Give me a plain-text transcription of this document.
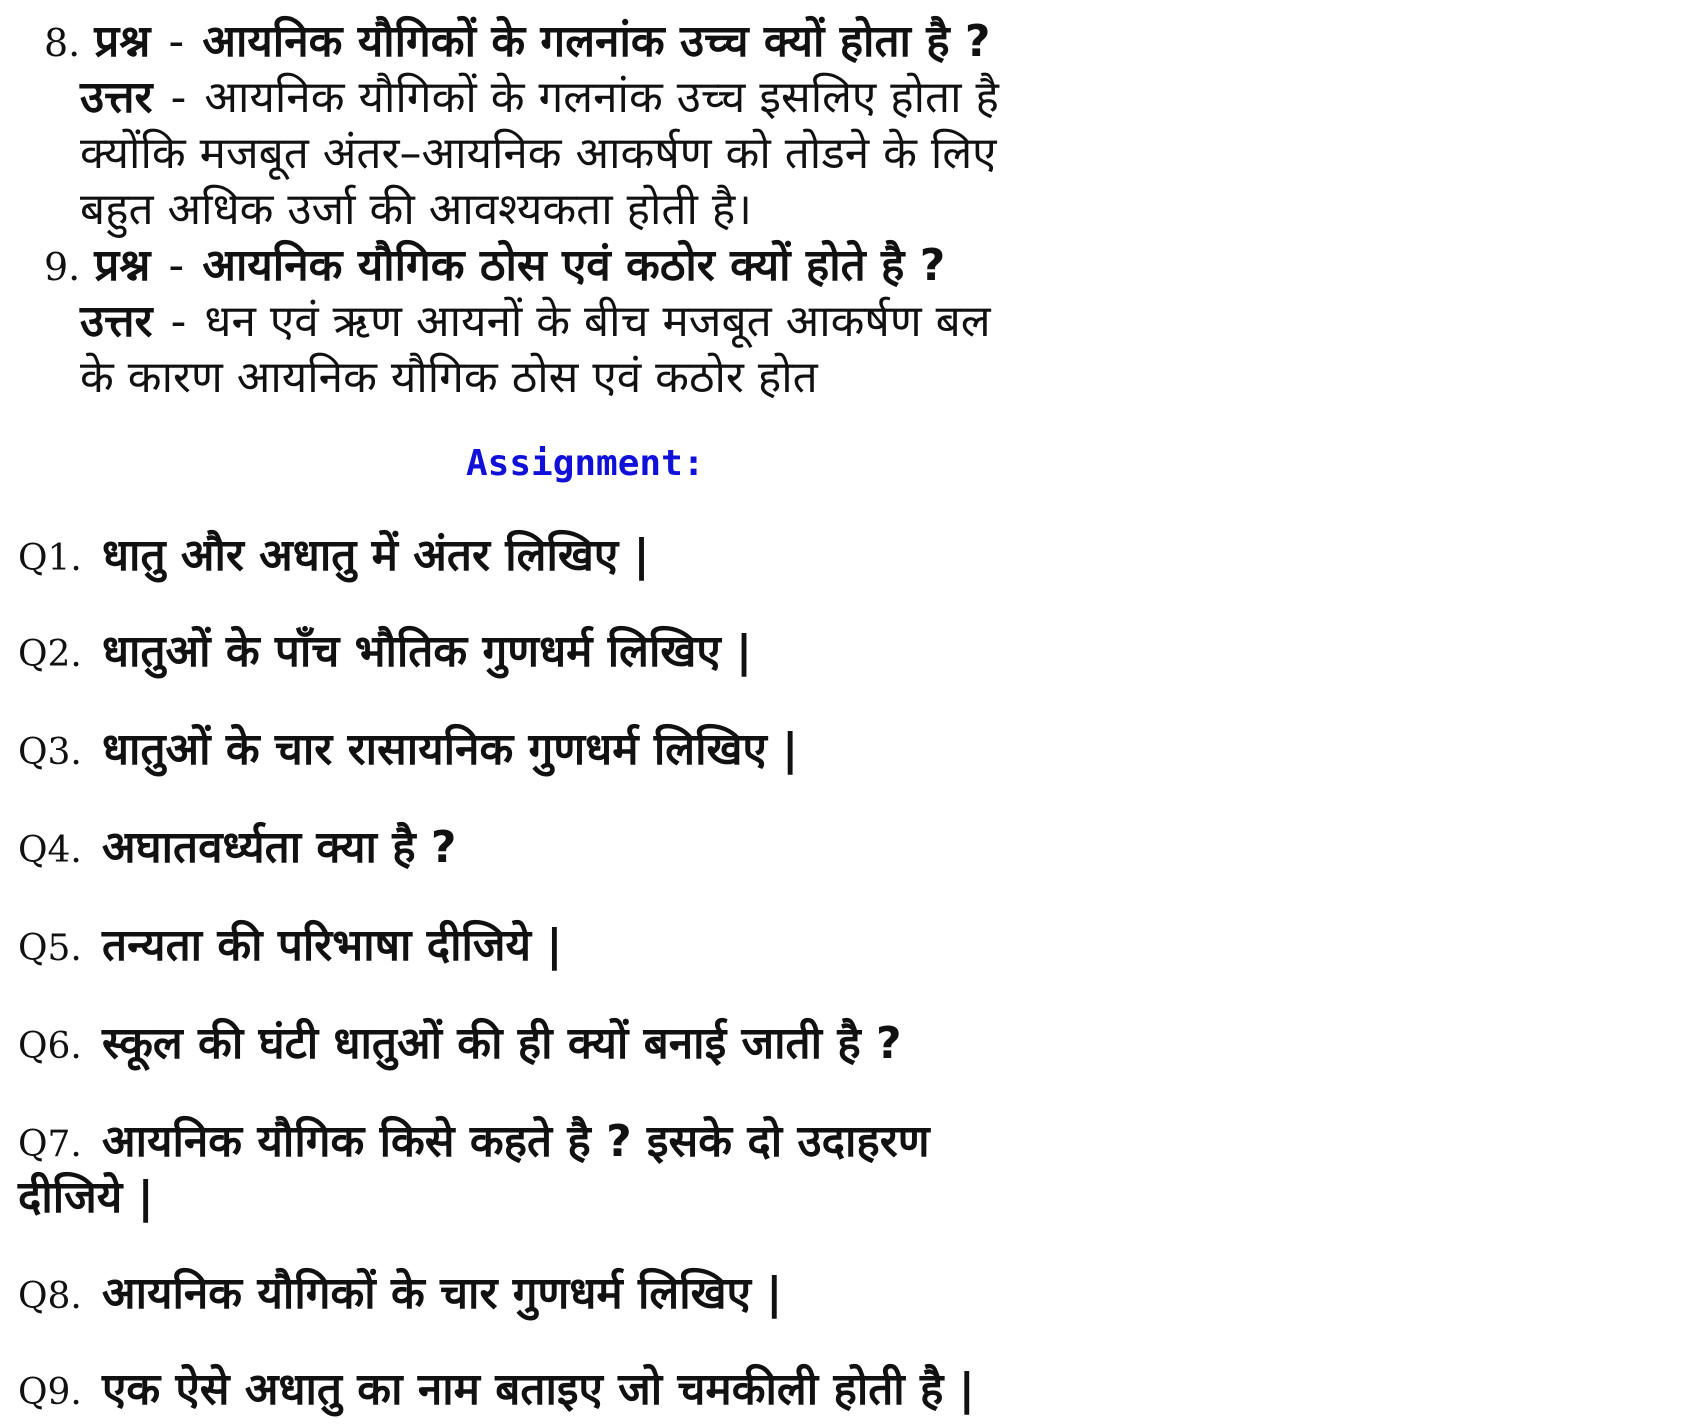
8. प्रश्न - आयनिक यौगिकों के गलनांक उच्च क्यों होता है ?
उत्तर - आयनिक यौगिकों के गलनांक उच्च इसलिए होता है
क्योंकि मजबूत अंतर–आयनिक आकर्षण को तोडने के लिए
बहुत अधिक उर्जा की आवश्यकता होती है।
9. प्रश्न - आयनिक यौगिक ठोस एवं कठोर क्यों होते है ?
उत्तर - धन एवं ऋण आयनों के बीच मजबूत आकर्षण बल
के कारण आयनिक यौगिक ठोस एवं कठोर होत
Assignment:
Q1. धातु और अधातु में अंतर लिखिए |
Q2. धातुओं के पाँच भौतिक गुणधर्म लिखिए |
Q3. धातुओं के चार रासायनिक गुणधर्म लिखिए |
Q4. अघातवर्ध्यता क्या है ?
Q5. तन्यता की परिभाषा दीजिये |
Q6. स्कूल की घंटी धातुओं की ही क्यों बनाई जाती है ?
Q7. आयनिक यौगिक किसे कहते है ? इसके दो उदाहरण
दीजिये |
Q8. आयनिक यौगिकों के चार गुणधर्म लिखिए |
Q9. एक ऐसे अधातु का नाम बताइए जो चमकीली होती है |
